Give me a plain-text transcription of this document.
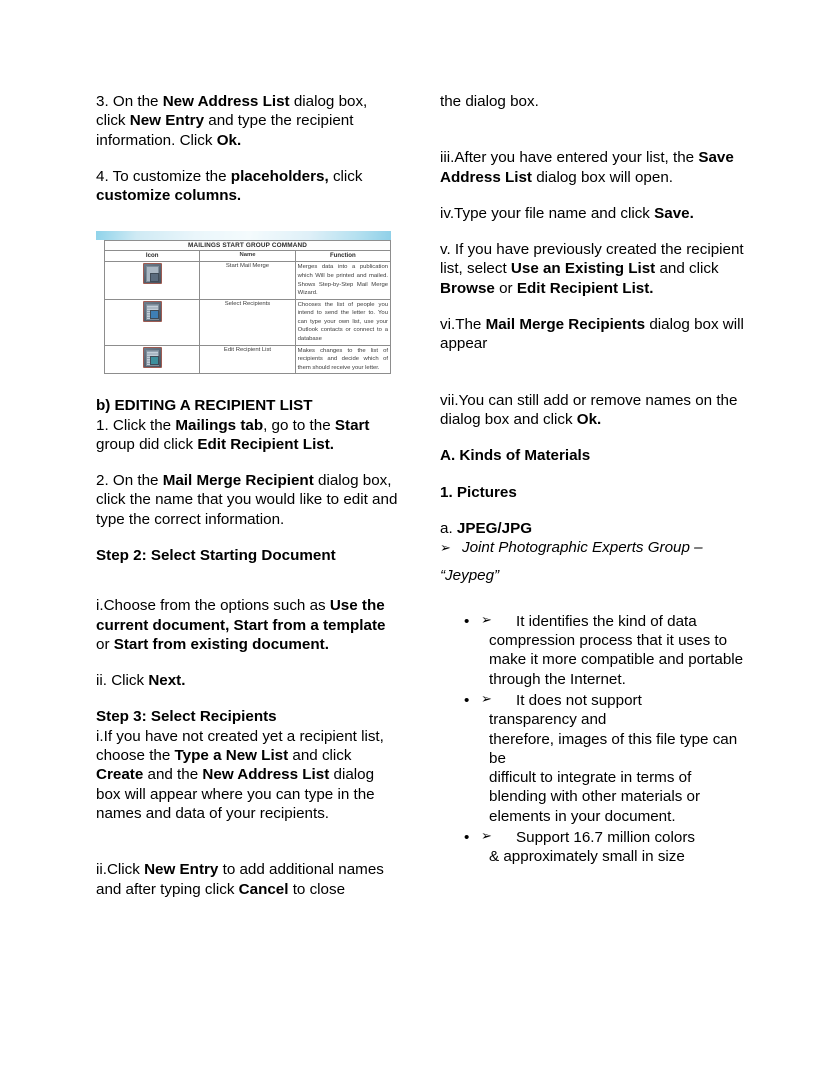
3. On the New Address List dialog box, click New Entry and type the recipient information. Click Ok.

4. To customize the placeholders, click customize columns.

MAILINGS START GROUP COMMAND		
Icon	Name	Function

	Start Mail Merge	Merges data into a publication which Will be printed and mailed. Shows Step-by-Step Mail Merge Wizard.

	Select Recipients	Chooses the list of people you intend to send the letter to. You can type your own list, use your Outlook contacts or connect to a database

	Edit Recipient List	Makes changes to the list of recipients and decide which of them should receive your letter.

b) EDITING A RECIPIENT LIST

1. Click the Mailings tab, go to the Start group did click Edit Recipient List.

2. On the Mail Merge Recipient dialog box, click the name that you would like to edit and type the correct information.

Step 2: Select Starting Document

i.Choose from the options such as Use the current document, Start from a template or Start from existing document.

ii. Click Next.

Step 3: Select Recipients

i.If you have not created yet a recipient list, choose the Type a New List and click Create and the New Address List dialog box will appear where you can type in the names and data of your recipients.

ii.Click New Entry to add additional names and after typing click Cancel to close

the dialog box.

iii.After you have entered your list, the Save Address List dialog box will open.

iv.Type your file name and click Save.

v. If you have previously created the recipient list, select Use an Existing List and click Browse or Edit Recipient List.

vi.The Mail Merge Recipients dialog box will appear

vii.You can still add or remove names on the dialog box and click Ok.

A. Kinds of Materials

1. Pictures

a. JPEG/JPG

➢ Joint Photographic Experts Group –

“Jeypeg”

• ➢	It identifies the kind of data
compression process that it uses to make it more compatible and portable through the Internet.
• ➢	It does not support
transparency and
therefore, images of this file type can be
difficult to integrate in terms of blending with other materials or elements in your document.
• ➢	Support 16.7 million colors
& approximately small in size
